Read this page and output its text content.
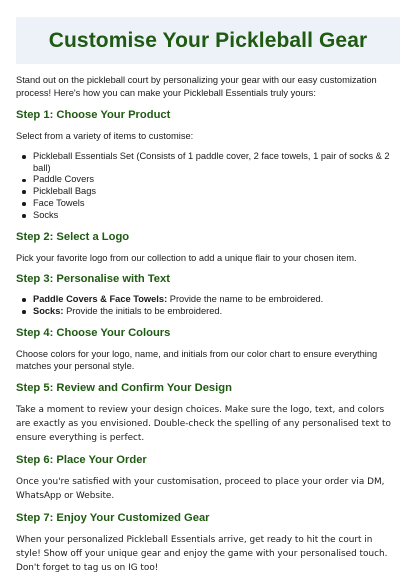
Customise Your Pickleball Gear

Stand out on the pickleball court by personalizing your gear with our easy customization process! Here's how you can make your Pickleball Essentials truly yours:

Step 1: Choose Your Product

Select from a variety of items to customise:

Pickleball Essentials Set (Consists of 1 paddle cover, 2 face towels, 1 pair of socks & 2 ball)
Paddle Covers
Pickleball Bags
Face Towels
Socks
Step 2: Select a Logo

Pick your favorite logo from our collection to add a unique flair to your chosen item.

Step 3: Personalise with Text
Paddle Covers & Face Towels: Provide the name to be embroidered.
Socks: Provide the initials to be embroidered.
Step 4: Choose Your Colours

Choose colors for your logo, name, and initials from our color chart to ensure everything matches your personal style.

Step 5: Review and Confirm Your Design

Take a moment to review your design choices. Make sure the logo, text, and colors are exactly as you envisioned. Double-check the spelling of any personalised text to ensure everything is perfect.

Step 6: Place Your Order

Once you're satisfied with your customisation, proceed to place your order via DM, WhatsApp or Website.

Step 7: Enjoy Your Customized Gear

When your personalized Pickleball Essentials arrive, get ready to hit the court in style! Show off your unique gear and enjoy the game with your personalised touch. Don't forget to tag us on IG too!
